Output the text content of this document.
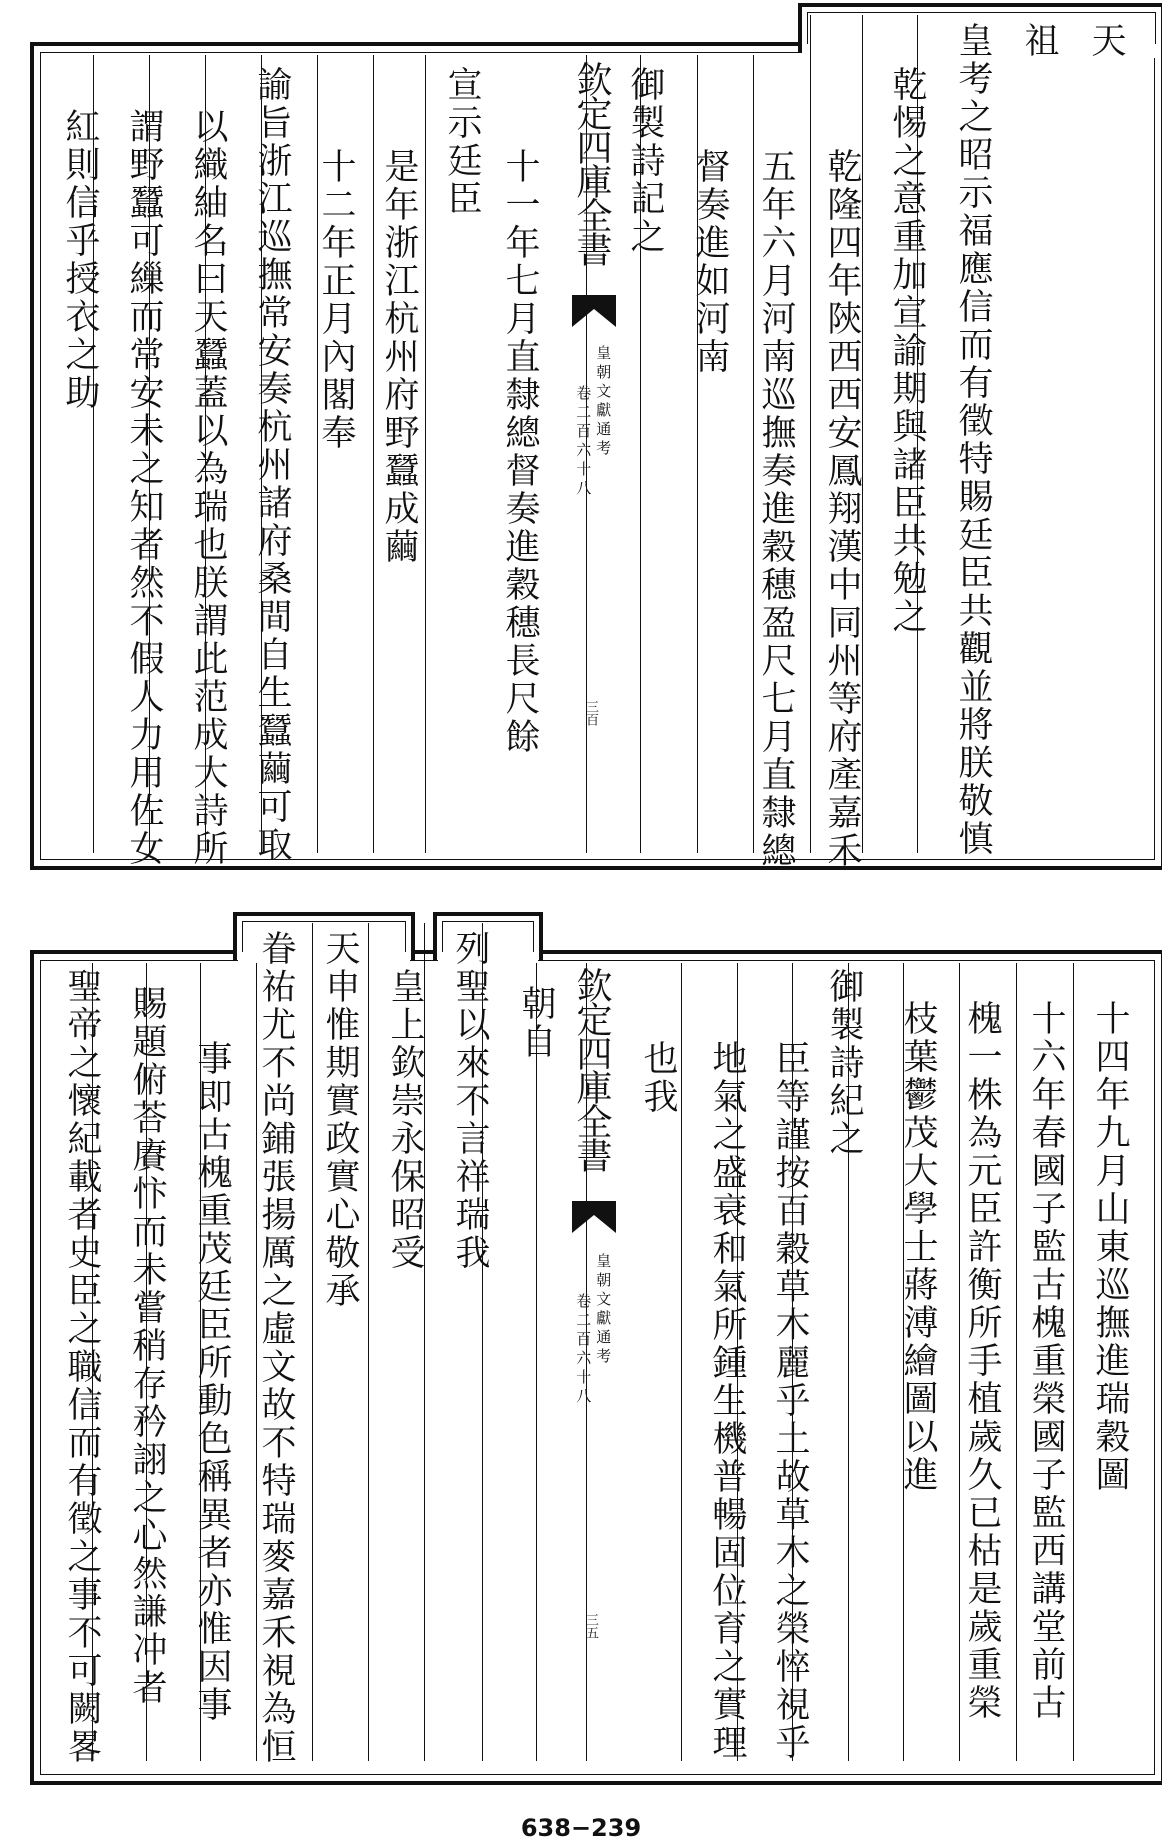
天
祖
皇考之昭示福應信而有徵特賜廷臣共觀並將朕敬慎
乾惕之意重加宣諭期與諸臣共勉之
乾隆四年陝西西安鳳翔漢中同州等府產嘉禾
五年六月河南巡撫奏進穀穗盈尺七月直隸總
督奏進如河南
御製詩記之
十一年七月直隸總督奏進穀穗長尺餘
宣示廷臣
是年浙江杭州府野蠶成繭
十二年正月內閣奉
諭旨浙江巡撫常安奏杭州諸府桑間自生蠶繭可取
以織紬名曰天蠶蓋以為瑞也朕謂此范成大詩所
謂野蠶可繅而常安未之知者然不假人力用佐女
紅則信乎授衣之助	欽定四庫全書
皇朝文獻通考
卷二百六十八
三百
十四年九月山東巡撫進瑞穀圖
十六年春國子監古槐重榮國子監西講堂前古
槐一株為元臣許衡所手植歲久已枯是歲重榮
枝葉鬱茂大學士蔣溥繪圖以進
御製詩紀之
臣等謹按百穀草木麗乎土故草木之榮悴視乎
地氣之盛衰和氣所鍾生機普暢固位育之實理
也我
朝自
列聖以來不言祥瑞我
皇上欽崇永保昭受
天申惟期實政實心敬承
眷祐尤不尚鋪張揚厲之虛文故不特瑞麥嘉禾視為恒
事即古槐重茂廷臣所動色稱異者亦惟因事
賜題俯荅賡忭而未嘗稍存矜詡之心然謙冲者
聖帝之懷紀載者史臣之職信而有徵之事不可闕畧	欽定四庫全書
皇朝文獻通考
卷二百六十八
三五
638−239
